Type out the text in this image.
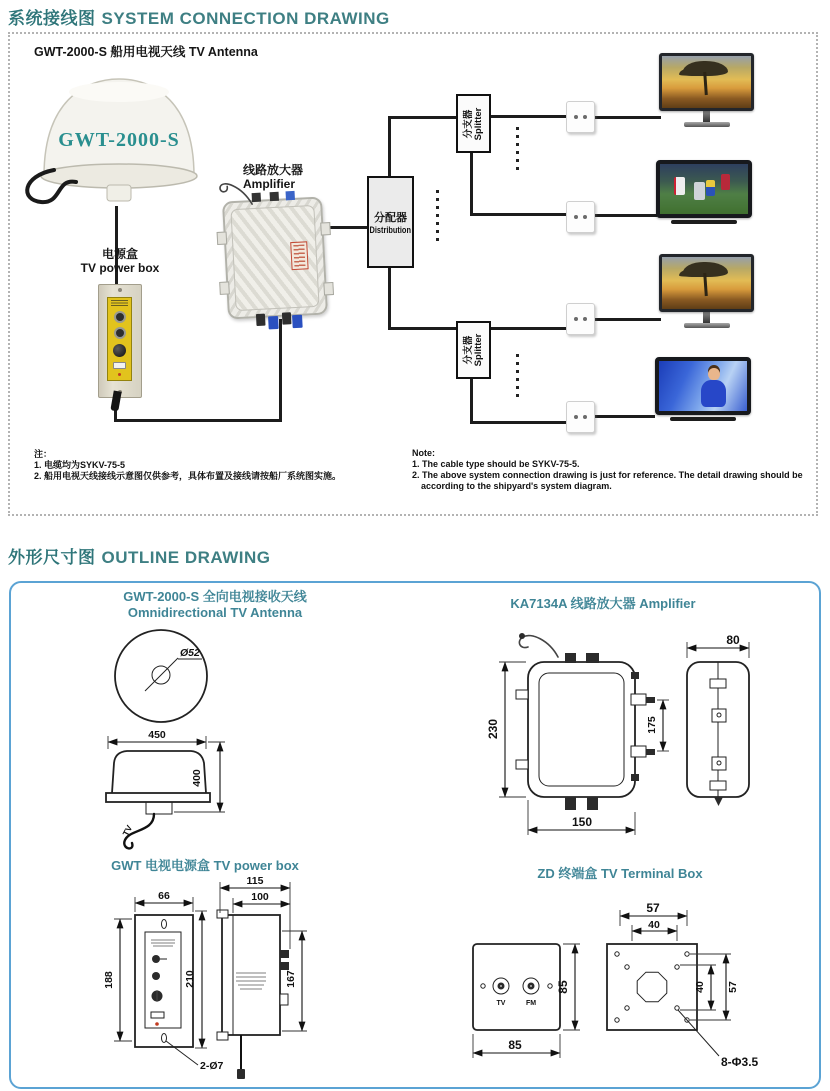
系统接线图 SYSTEM CONNECTION DRAWING
GWT-2000-S 船用电视天线 TV Antenna
GWT-2000-S
电源盒
TV power box
线路放大器
Amplifier
分配器
Distribution
分支器 Splitter
分支器 Splitter
注：
1. 电缆均为SYKV-75-5
2. 船用电视天线接线示意图仅供参考，具体布置及接线请按船厂系统图实施。
Note:
1. The cable type should be SYKV-75-5.
2. The above system connection drawing is just for reference. The detail drawing should be
according to the shipyard's system diagram.
外形尺寸图 OUTLINE DRAWING
GWT-2000-S 全向电视接收天线
Omnidirectional TV Antenna
Ø52
TV
450
400
KA7134A 线路放大器 Amplifier
230	175
150
80
GWT 电视电源盒 TV power box
66
188	210
2-Ø7
115
100
167
ZD 终端盒 TV Terminal Box
TV	FM
85
85
57
40
40 57
8-Φ3.5
